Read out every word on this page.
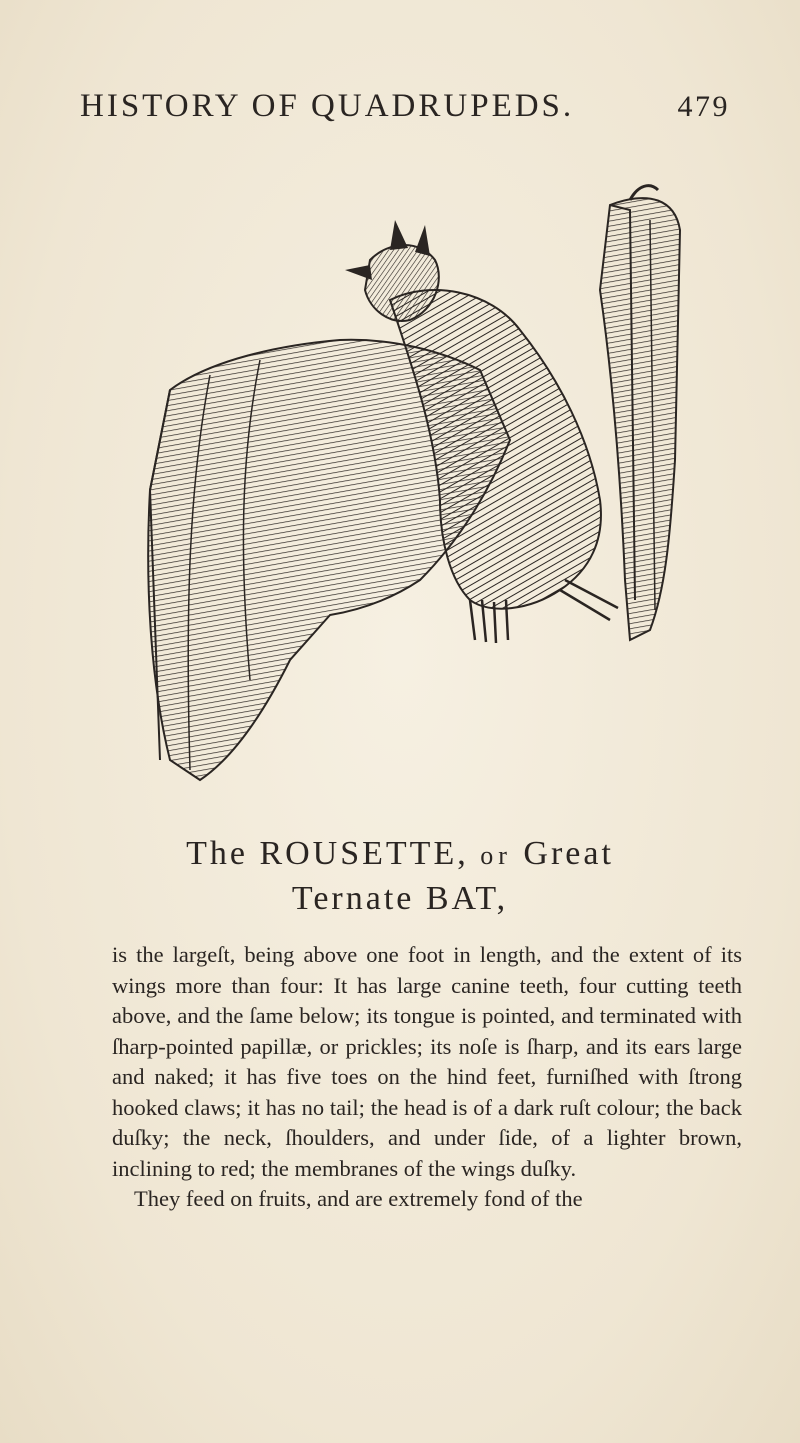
HISTORY OF QUADRUPEDS.	479
The ROUSETTE, or Great
Ternate BAT,

is the largeſt, being above one foot in length, and the extent of its wings more than four: It has large canine teeth, four cutting teeth above, and the ſame below; its tongue is pointed, and terminated with ſharp-pointed papillæ, or prickles; its noſe is ſharp, and its ears large and naked; it has five toes on the hind feet, furniſhed with ſtrong hooked claws; it has no tail; the head is of a dark ruſt colour; the back duſky; the neck, ſhoulders, and under ſide, of a lighter brown, inclining to red; the membranes of the wings duſky.

They feed on fruits, and are extremely fond of the
